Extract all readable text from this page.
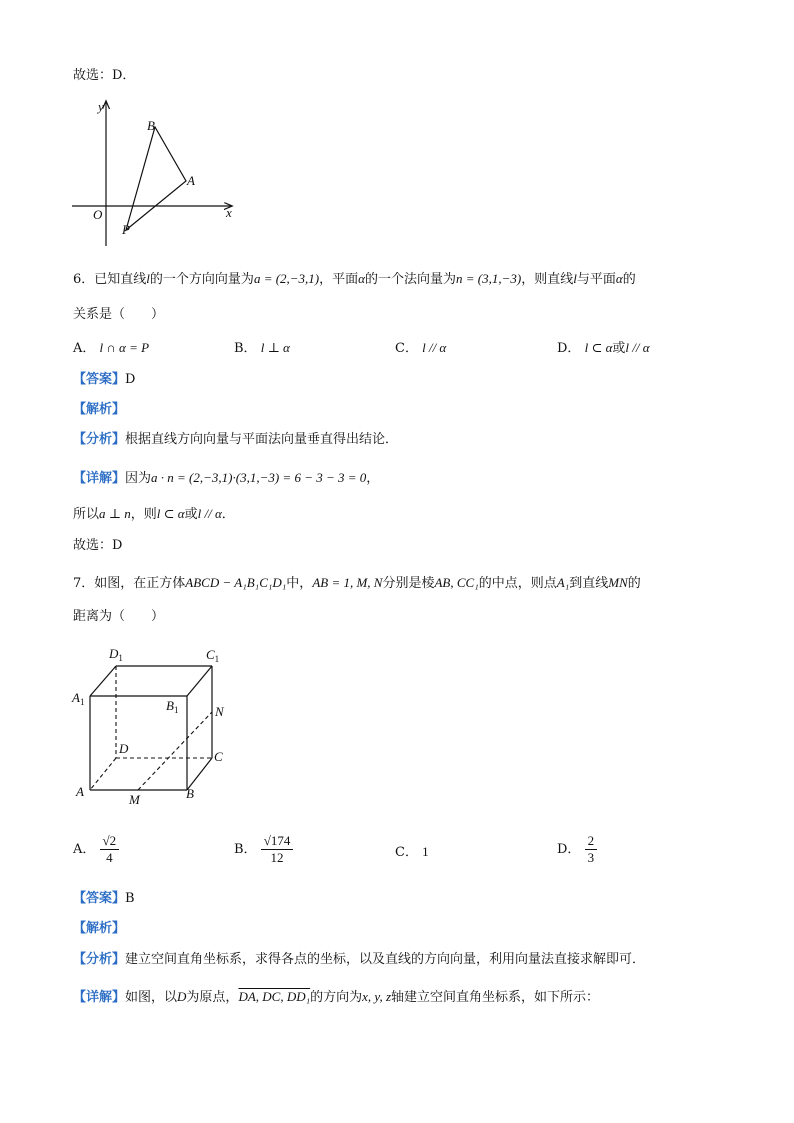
故选：D．
y
x
O
B
A
P
6．已知直线l的一个方向向量为a = (2,−3,1)，平面α的一个法向量为n = (3,1,−3)，则直线l与平面α的
关系是（　　）
A． l ∩ α = P	B． l ⊥ α	C． l // α	D． l ⊂ α或l // α
【答案】D
【解析】
【分析】根据直线方向向量与平面法向量垂直得出结论．
【详解】因为a · n = (2,−3,1)·(3,1,−3) = 6 − 3 − 3 = 0，
所以a ⊥ n，则l ⊂ α或l // α．
故选：D
7．如图，在正方体ABCD − A₁B₁C₁D₁中，AB = 1, M, N分别是棱AB, CC₁的中点，则点A₁到直线MN的
距离为（　　）
$D_1$	$C_1$
$A_1$	$B_1$	N
D
C
A
M	B
A． $\frac{√2}{4}$	B． $\frac{√174}{12}$	C． 1	D． $\frac{2}{3}$
【答案】B
【解析】
【分析】建立空间直角坐标系，求得各点的坐标，以及直线的方向向量，利用向量法直接求解即可．
【详解】如图，以D为原点，DA, DC, DD₁的方向为x, y, z轴建立空间直角坐标系，如下所示：
